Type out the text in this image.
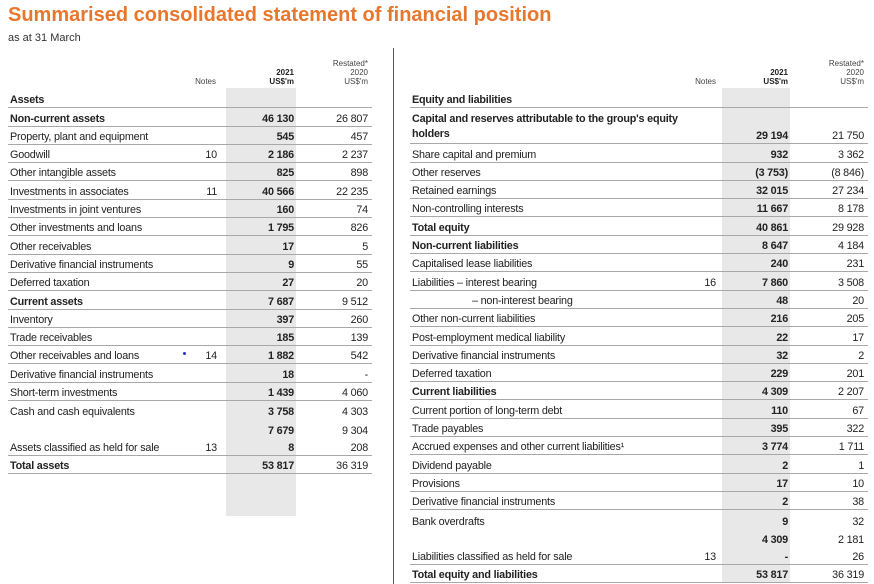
Summarised consolidated statement of financial position
as at 31 March
Notes
2021
US$'m
Restated*
2020
US$'m
Assets
Non-current assets	46 130	26 807
Property, plant and equipment	545	457
Goodwill	10	2 186	2 237
Other intangible assets	825	898
Investments in associates	11	40 566	22 235
Investments in joint ventures	160	74
Other investments and loans	1 795	826
Other receivables	17	5
Derivative financial instruments	9	55
Deferred taxation	27	20
Current assets	7 687	9 512
Inventory	397	260
Trade receivables	185	139
Other receivables and loans	14	1 882	542
Derivative financial instruments	18	-
Short-term investments	1 439	4 060
Cash and cash equivalents	3 758	4 303
7 679	9 304
Assets classified as held for sale	13	8	208
Total assets	53 817	36 319
Notes
2021
US$'m
Restated*
2020
US$'m
Equity and liabilities
Capital and reserves attributable to the group's equity holders	29 194	21 750
Share capital and premium	932	3 362
Other reserves	(3 753)	(8 846)
Retained earnings	32 015	27 234
Non-controlling interests	11 667	8 178
Total equity	40 861	29 928
Non-current liabilities	8 647	4 184
Capitalised lease liabilities	240	231
Liabilities – interest bearing	16	7 860	3 508
– non-interest bearing	48	20
Other non-current liabilities	216	205
Post-employment medical liability	22	17
Derivative financial instruments	32	2
Deferred taxation	229	201
Current liabilities	4 309	2 207
Current portion of long-term debt	110	67
Trade payables	395	322
Accrued expenses and other current liabilities¹	3 774	1 711
Dividend payable	2	1
Provisions	17	10
Derivative financial instruments	2	38
Bank overdrafts	9	32
4 309	2 181
Liabilities classified as held for sale	13	-	26
Total equity and liabilities	53 817	36 319
